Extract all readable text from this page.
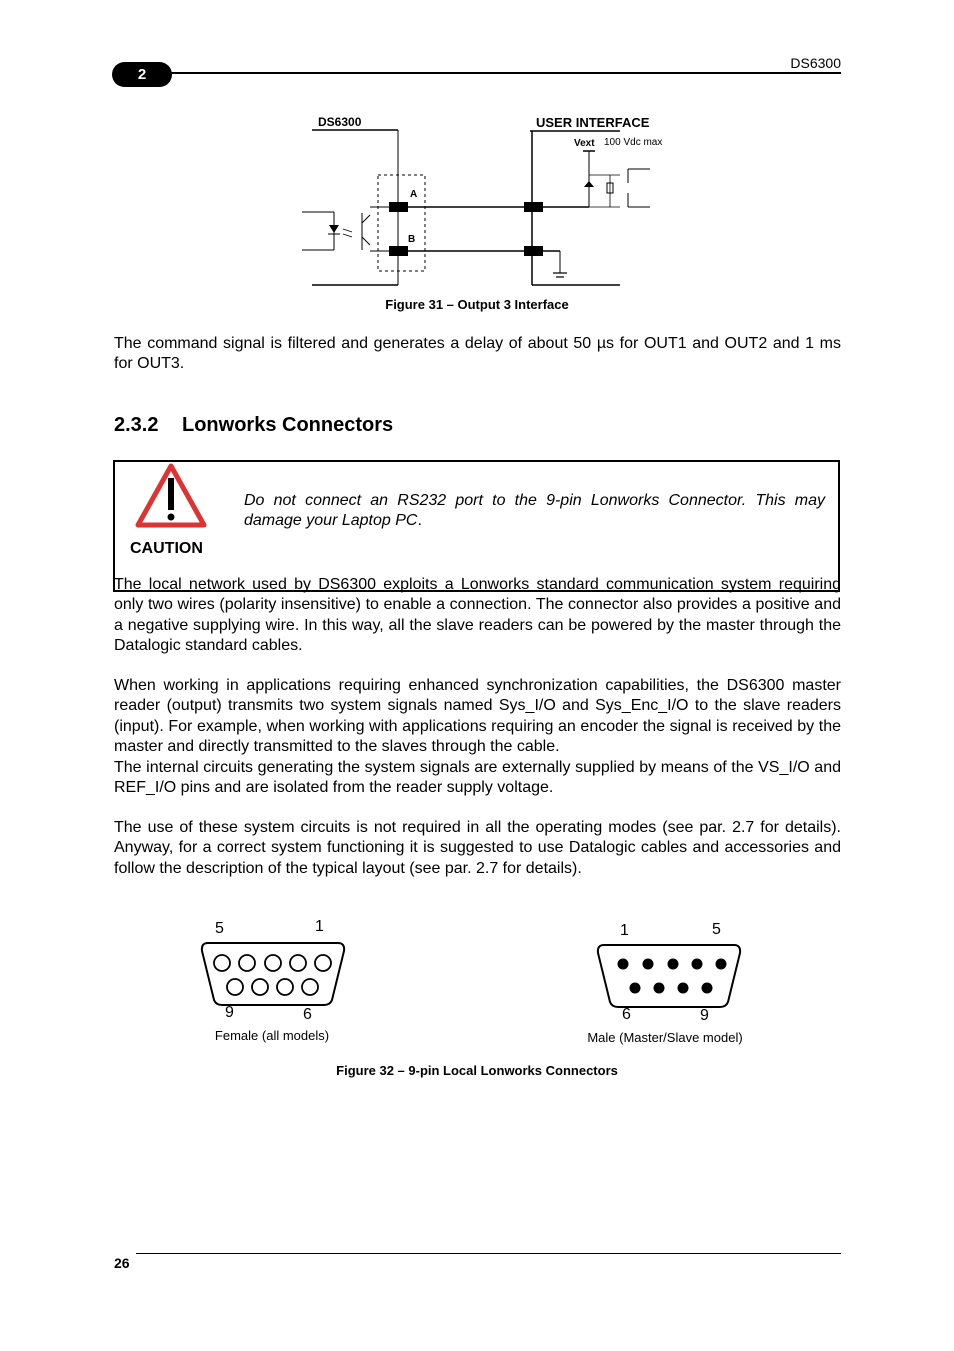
2
DS6300
DS6300	USER INTERFACE
Vext 100 Vdc max
A
B
Figure 31 – Output 3 Interface
The command signal is filtered and generates a delay of about 50 µs for OUT1 and OUT2 and 1 ms for OUT3.
2.3.2 Lonworks Connectors
CAUTION
Do not connect an RS232 port to the 9-pin Lonworks Connector. This may damage your Laptop PC.
The local network used by DS6300 exploits a Lonworks standard communication system requiring only two wires (polarity insensitive) to enable a connection. The connector also provides a positive and a negative supplying wire. In this way, all the slave readers can be powered by the master through the Datalogic standard cables.
When working in applications requiring enhanced synchronization capabilities, the DS6300 master reader (output) transmits two system signals named Sys_I/O and Sys_Enc_I/O to the slave readers (input). For example, when working with applications requiring an encoder the signal is received by the master and directly transmitted to the slaves through the cable.
The internal circuits generating the system signals are externally supplied by means of the VS_I/O and REF_I/O pins and are isolated from the reader supply voltage.
The use of these system circuits is not required in all the operating modes (see par. 2.7 for details). Anyway, for a correct system functioning it is suggested to use Datalogic cables and accessories and follow the description of the typical layout (see par. 2.7 for details).
5	1
9	6
Female (all models)
1	5
6	9
Male (Master/Slave model)
Figure 32 – 9-pin Local Lonworks Connectors
26
